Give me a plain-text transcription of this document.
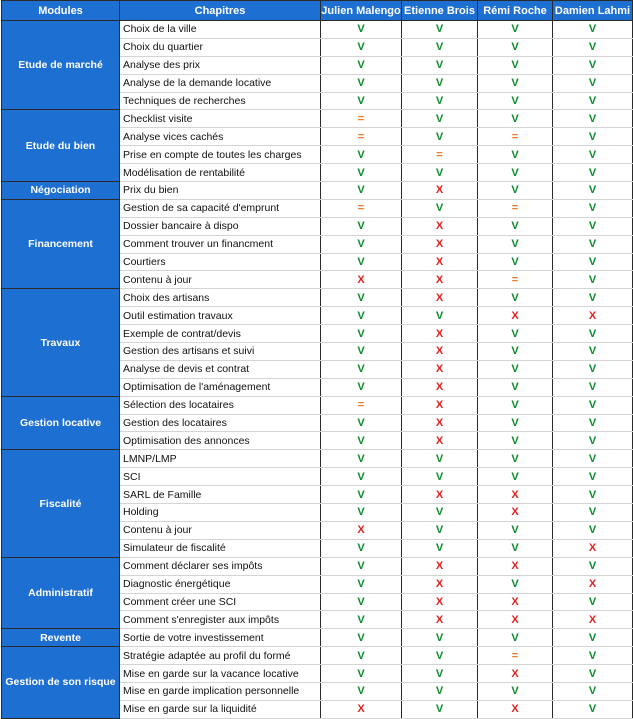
Modules	Chapitres	Julien Malengo	Etienne Brois	Rémi Roche	Damien Lahmi
Etude de marché	Choix de la ville	V	V	V	V
	Choix du quartier	V	V	V	V
	Analyse des prix	V	V	V	V
	Analyse de la demande locative	V	V	V	V
	Techniques de recherches	V	V	V	V
Etude du bien	Checklist visite	=	V	V	V
	Analyse vices cachés	=	V	=	V
	Prise en compte de toutes les charges	V	=	V	V
	Modélisation de rentabilité	V	V	V	V
Négociation	Prix du bien	V	X	V	V
Financement	Gestion de sa capacité d'emprunt	=	V	=	V
	Dossier bancaire à dispo	V	X	V	V
	Comment trouver un financment	V	X	V	V
	Courtiers	V	X	V	V
	Contenu à jour	X	X	=	V
Travaux	Choix des artisans	V	X	V	V
	Outil estimation travaux	V	V	X	X
	Exemple de contrat/devis	V	X	V	V
	Gestion des artisans et suivi	V	X	V	V
	Analyse de devis et contrat	V	X	V	V
	Optimisation de l'aménagement	V	X	V	V
Gestion locative	Sélection des locataires	=	X	V	V
	Gestion des locataires	V	X	V	V
	Optimisation des annonces	V	X	V	V
Fiscalité	LMNP/LMP	V	V	V	V
	SCI	V	V	V	V
	SARL de Famille	V	X	X	V
	Holding	V	V	X	V
	Contenu à jour	X	V	V	V
	Simulateur de fiscalité	V	V	V	X
Administratif	Comment déclarer ses impôts	V	X	X	V
	Diagnostic énergétique	V	X	V	X
	Comment créer une SCI	V	X	X	V
	Comment s'enregister aux impôts	V	X	X	X
Revente	Sortie de votre investissement	V	V	V	V
Gestion de son risque	Stratégie adaptée au profil du formé	V	V	=	V
	Mise en garde sur la vacance locative	V	V	X	V
	Mise en garde implication personnelle	V	V	V	V
	Mise en garde sur la liquidité	X	V	X	V
